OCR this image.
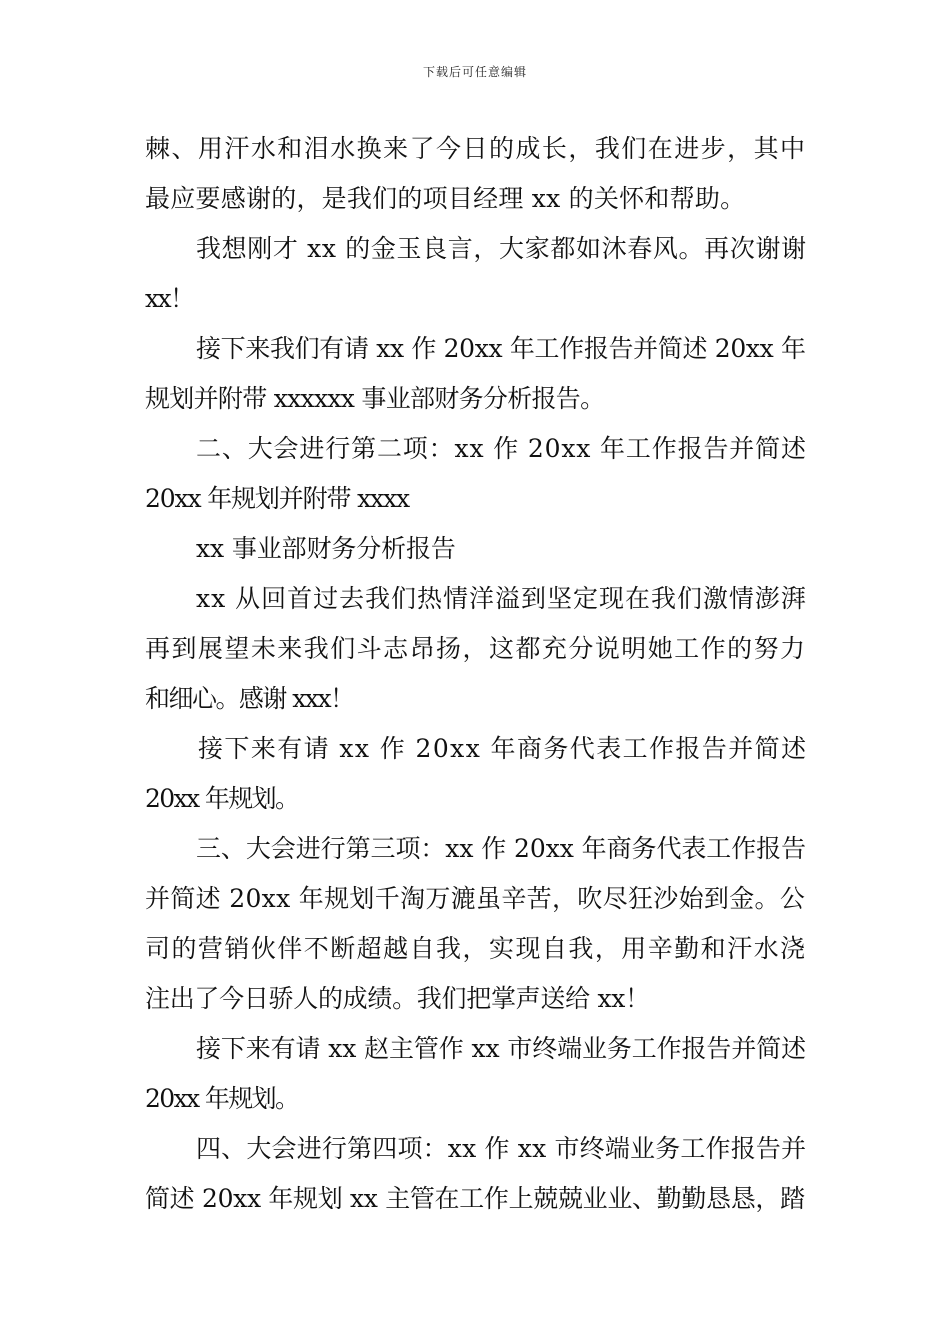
下载后可任意编辑
棘、用汗水和泪水换来了今日的成长，我们在进步，其中
最应要感谢的，是我们的项目经理 xx 的关怀和帮助。
我想刚才 xx 的金玉良言，大家都如沐春风。再次谢谢
xx！
接下来我们有请 xx 作 20xx 年工作报告并简述 20xx 年
规划并附带 xxxxxx 事业部财务分析报告。
二、大会进行第二项：xx 作 20xx 年工作报告并简述
20xx 年规划并附带 xxxx
xx 事业部财务分析报告
xx 从回首过去我们热情洋溢到坚定现在我们激情澎湃
再到展望未来我们斗志昂扬，这都充分说明她工作的努力
和细心。感谢 xxx！
接下来有请 xx 作 20xx 年商务代表工作报告并简述
20xx 年规划。
三、大会进行第三项：xx 作 20xx 年商务代表工作报告
并简述 20xx 年规划千淘万漉虽辛苦，吹尽狂沙始到金。公
司的营销伙伴不断超越自我，实现自我，用辛勤和汗水浇
注出了今日骄人的成绩。我们把掌声送给 xx！
接下来有请 xx 赵主管作 xx 市终端业务工作报告并简述
20xx 年规划。
四、大会进行第四项：xx 作 xx 市终端业务工作报告并
简述 20xx 年规划 xx 主管在工作上兢兢业业、勤勤恳恳，踏
